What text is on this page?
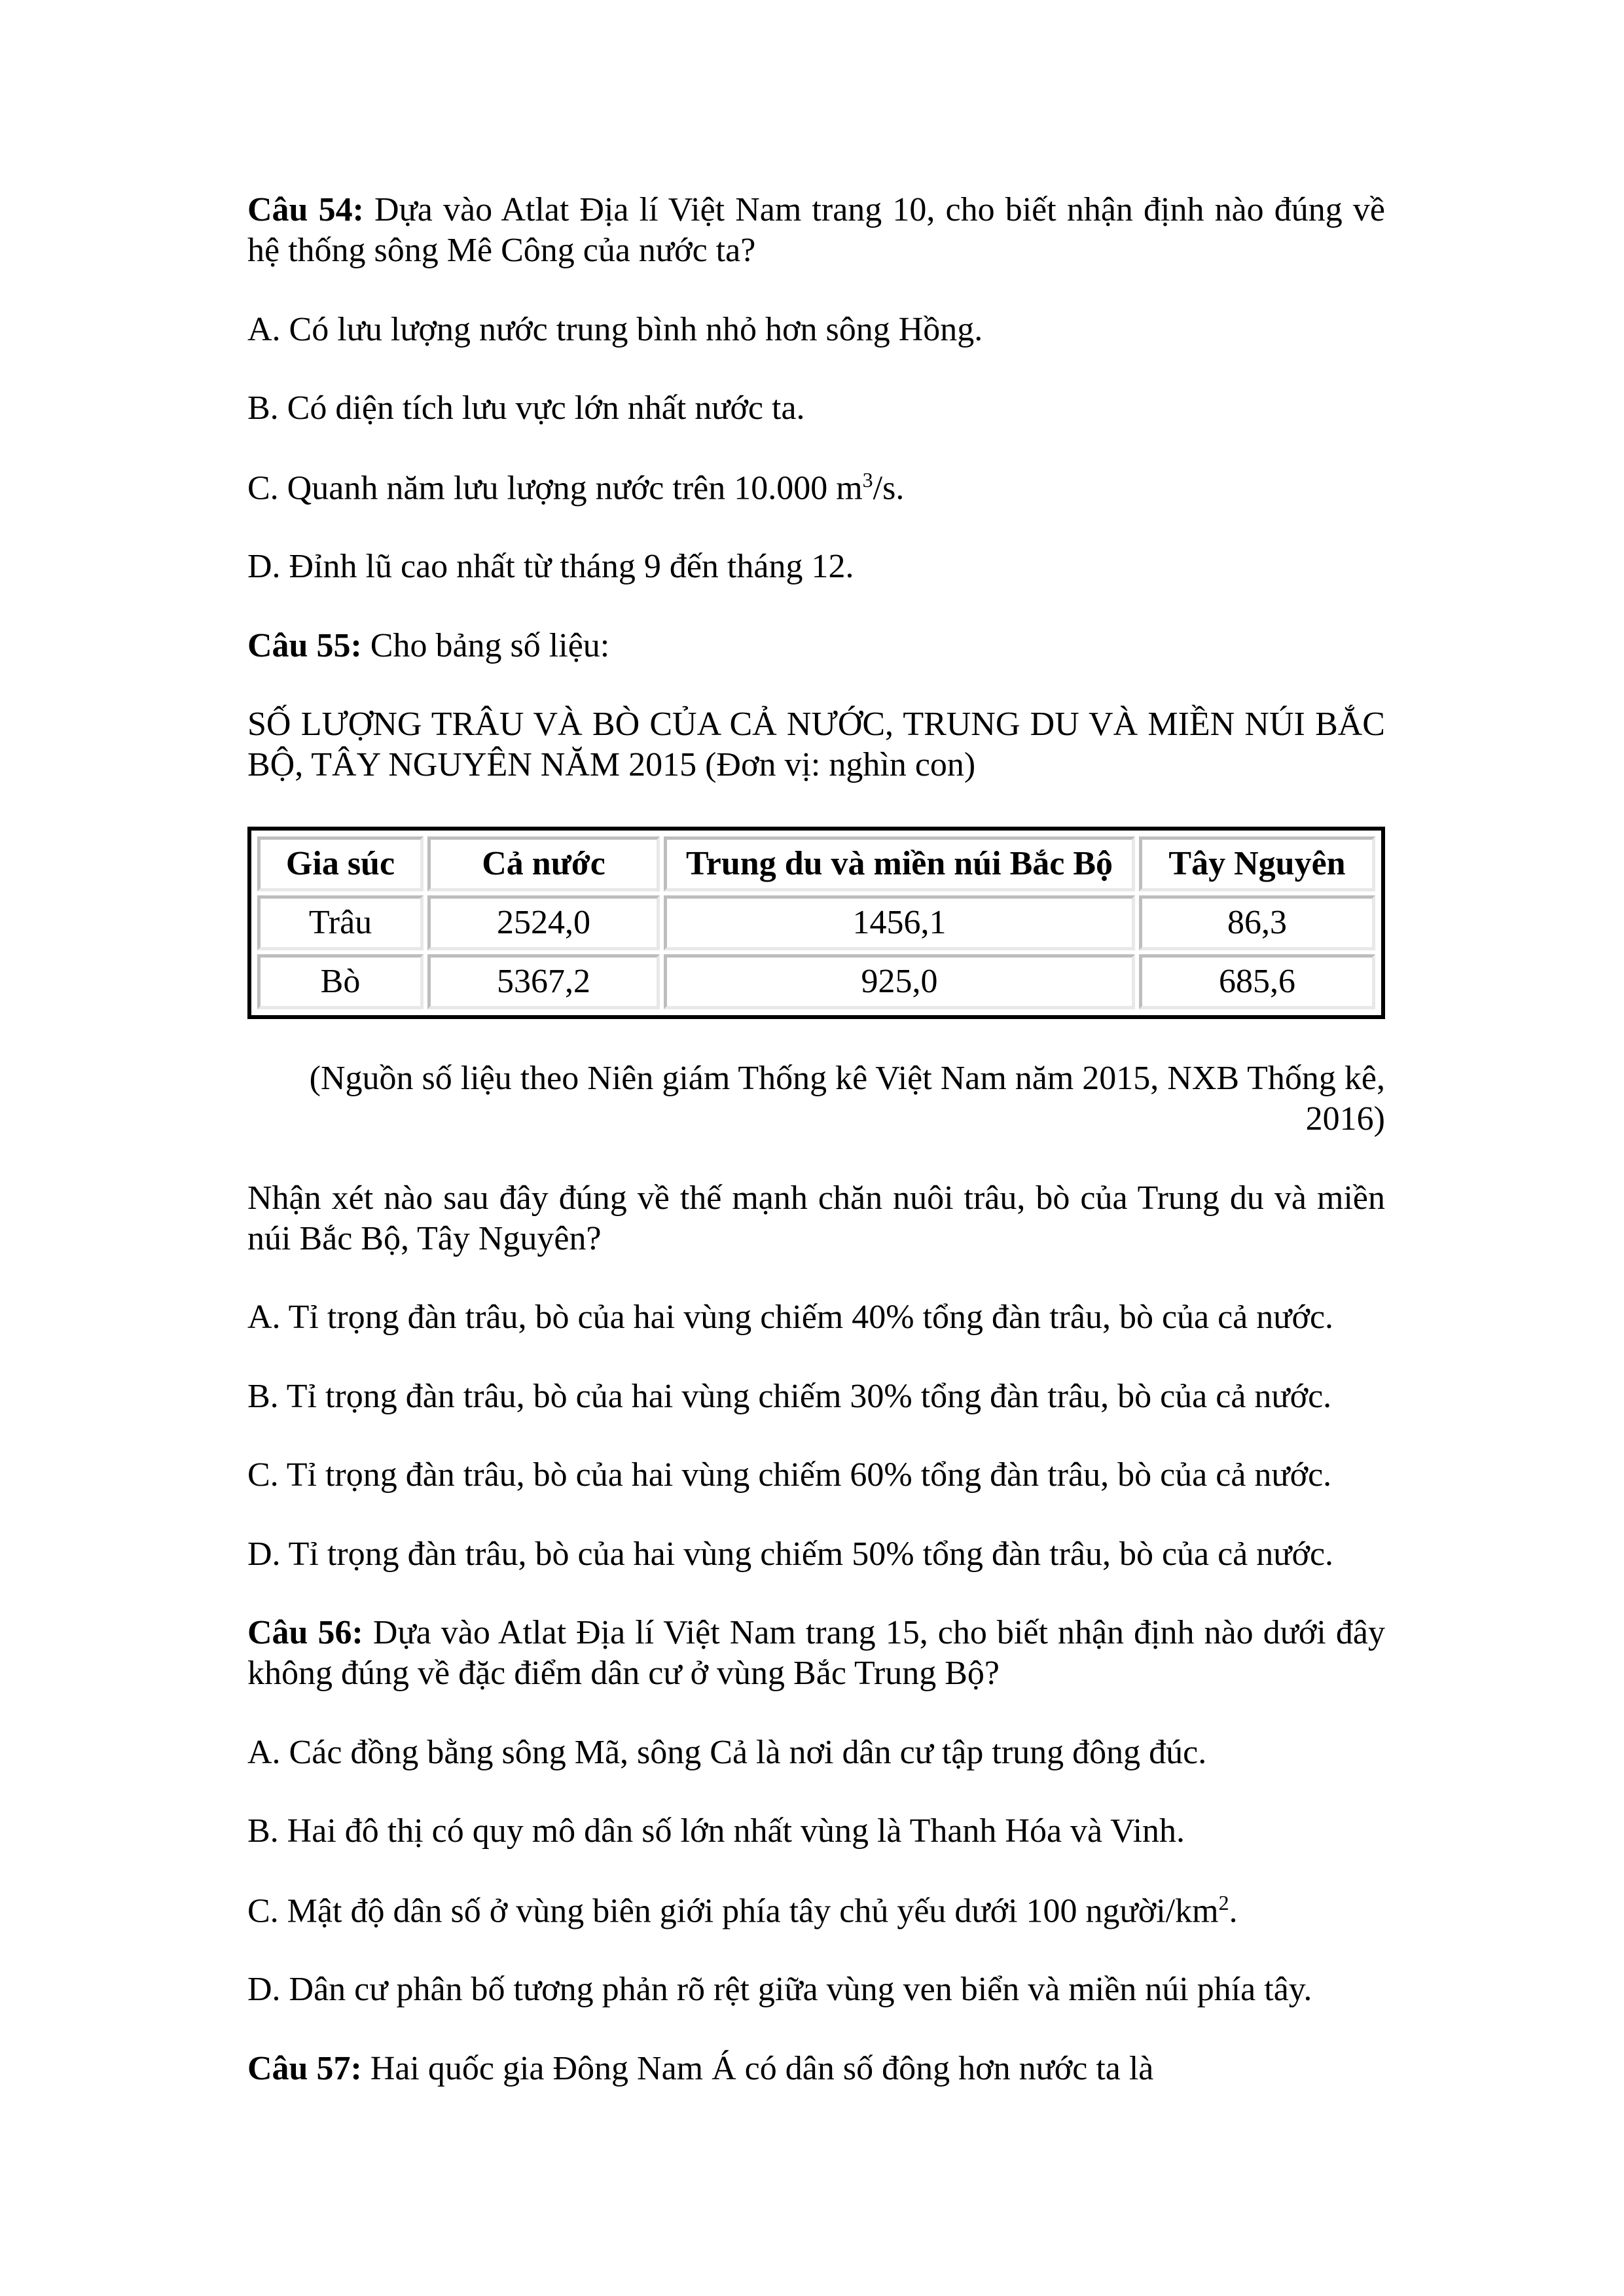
Câu 54: Dựa vào Atlat Địa lí Việt Nam trang 10, cho biết nhận định nào đúng về hệ thống sông Mê Công của nước ta?

A. Có lưu lượng nước trung bình nhỏ hơn sông Hồng.

B. Có diện tích lưu vực lớn nhất nước ta.

C. Quanh năm lưu lượng nước trên 10.000 $m^3/s$.

D. Đỉnh lũ cao nhất từ tháng 9 đến tháng 12.

Câu 55: Cho bảng số liệu:

SỐ LƯỢNG TRÂU VÀ BÒ CỦA CẢ NƯỚC, TRUNG DU VÀ MIỀN NÚI BẮC BỘ, TÂY NGUYÊN NĂM 2015 (Đơn vị: nghìn con)

Gia súc	Cả nước	Trung du và miền núi Bắc Bộ	Tây Nguyên
Trâu	2524,0	1456,1	86,3
Bò	5367,2	925,0	685,6

(Nguồn số liệu theo Niên giám Thống kê Việt Nam năm 2015, NXB Thống kê, 2016)

Nhận xét nào sau đây đúng về thế mạnh chăn nuôi trâu, bò của Trung du và miền núi Bắc Bộ, Tây Nguyên?

A. Tỉ trọng đàn trâu, bò của hai vùng chiếm 40% tổng đàn trâu, bò của cả nước.

B. Tỉ trọng đàn trâu, bò của hai vùng chiếm 30% tổng đàn trâu, bò của cả nước.

C. Tỉ trọng đàn trâu, bò của hai vùng chiếm 60% tổng đàn trâu, bò của cả nước.

D. Tỉ trọng đàn trâu, bò của hai vùng chiếm 50% tổng đàn trâu, bò của cả nước.

Câu 56: Dựa vào Atlat Địa lí Việt Nam trang 15, cho biết nhận định nào dưới đây không đúng về đặc điểm dân cư ở vùng Bắc Trung Bộ?

A. Các đồng bằng sông Mã, sông Cả là nơi dân cư tập trung đông đúc.

B. Hai đô thị có quy mô dân số lớn nhất vùng là Thanh Hóa và Vinh.

C. Mật độ dân số ở vùng biên giới phía tây chủ yếu dưới 100 người/$km^2$.

D. Dân cư phân bố tương phản rõ rệt giữa vùng ven biển và miền núi phía tây.

Câu 57: Hai quốc gia Đông Nam Á có dân số đông hơn nước ta là
